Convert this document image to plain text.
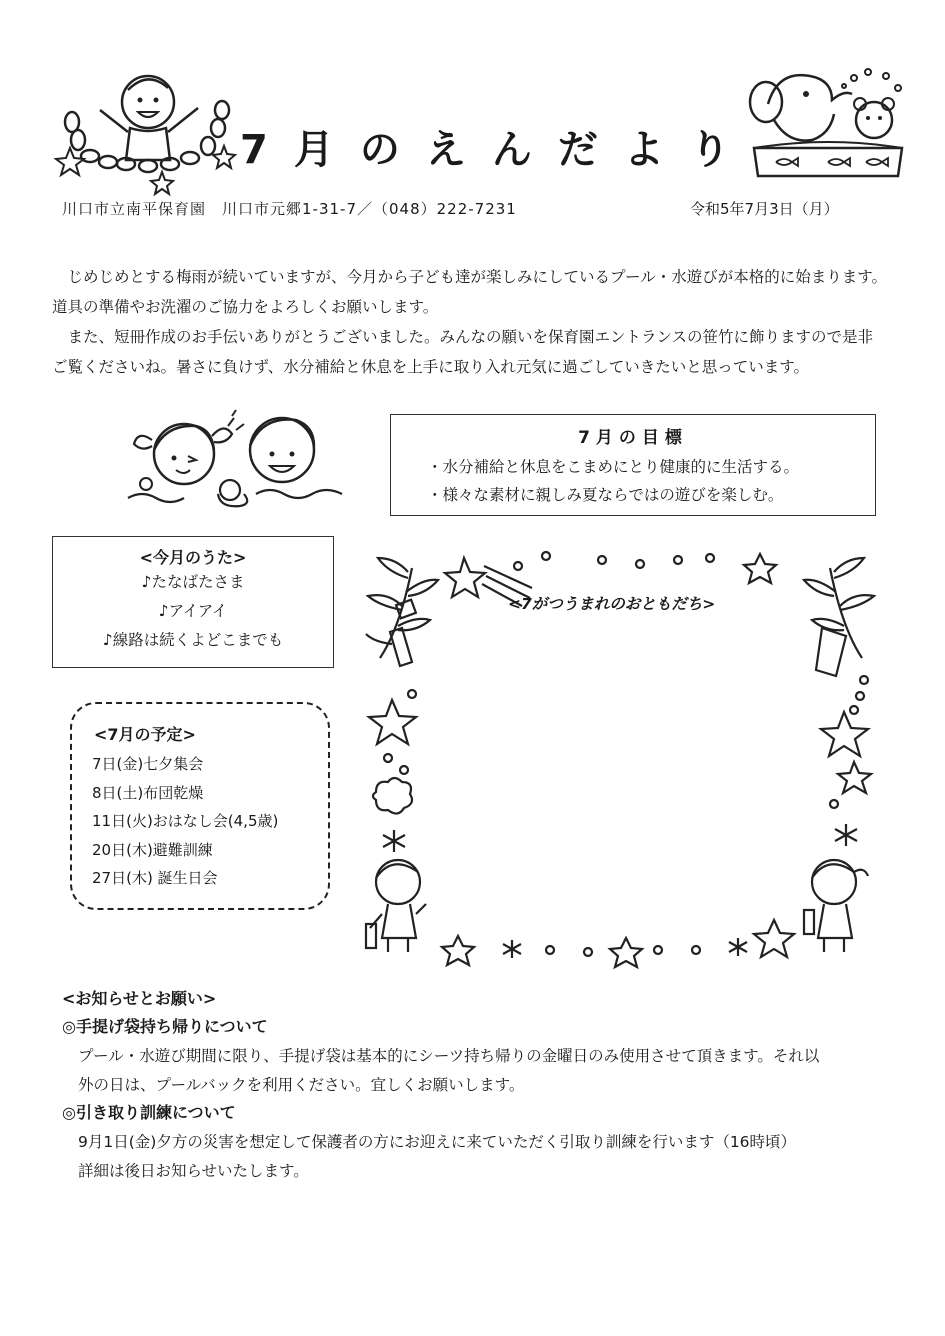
7月のえんだより
川口市立南平保育園　川口市元郷1-31-7／（048）222-7231	令和5年7月3日（月）

じめじめとする梅雨が続いていますが、今月から子ども達が楽しみにしているプール・水遊びが本格的に始まります。道具の準備やお洗濯のご協力をよろしくお願いします。

また、短冊作成のお手伝いありがとうございました。みんなの願いを保育園エントランスの笹竹に飾りますので是非ご覧くださいね。暑さに負けず、水分補給と休息を上手に取り入れ元気に過ごしていきたいと思っています。

7月の目標
・水分補給と休息をこまめにとり健康的に生活する。
・様々な素材に親しみ夏ならではの遊びを楽しむ。
<今月のうた>
♪たなばたさま
♪アイアイ
♪線路は続くよどこまでも
<7月の予定>
7日(金)七夕集会
8日(土)布団乾燥
11日(火)おはなし会(4,5歳)
20日(木)避難訓練
27日(木) 誕生日会
<7がつうまれのおともだち>
<お知らせとお願い>
◎手提げ袋持ち帰りについて
プール・水遊び期間に限り、手提げ袋は基本的にシーツ持ち帰りの金曜日のみ使用させて頂きます。それ以
外の日は、プールバックを利用ください。宜しくお願いします。
◎引き取り訓練について
9月1日(金)夕方の災害を想定して保護者の方にお迎えに来ていただく引取り訓練を行います（16時頃）
詳細は後日お知らせいたします。
